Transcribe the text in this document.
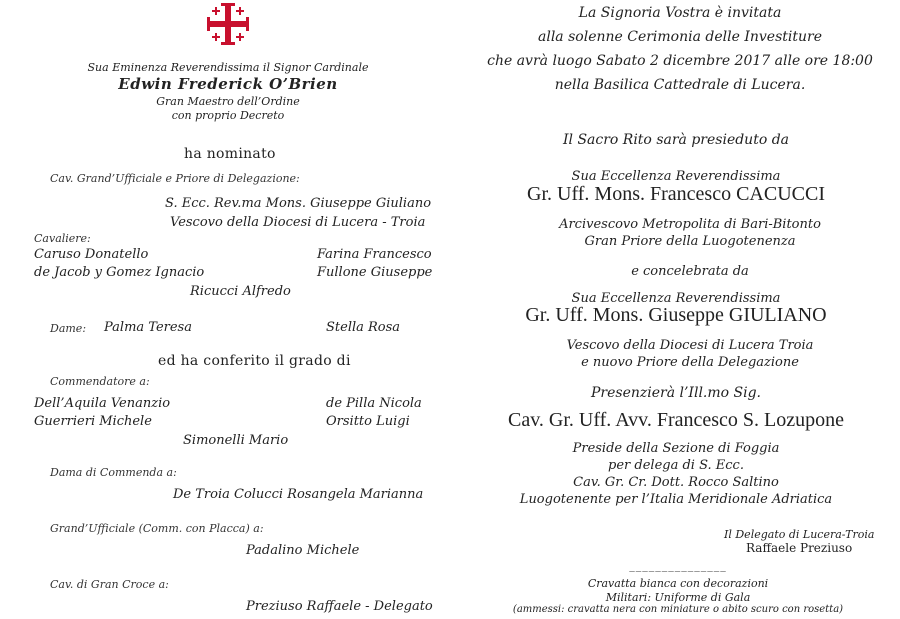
Sua Eminenza Reverendissima il Signor Cardinale
Edwin Frederick O’Brien
Gran Maestro dell’Ordine
con proprio Decreto
ha nominato
Cav. Grand’Ufficiale e Priore di Delegazione:
S. Ecc. Rev.ma Mons. Giuseppe Giuliano
Vescovo della Diocesi di Lucera - Troia
Cavaliere:
Caruso Donatello	Farina Francesco
de Jacob y Gomez Ignacio	Fullone Giuseppe
Ricucci Alfredo
Dame: Palma Teresa	Stella Rosa
ed ha conferito il grado di
Commendatore a:
Dell’Aquila Venanzio	de Pilla Nicola
Guerrieri Michele	Orsitto Luigi
Simonelli Mario
Dama di Commenda a:
De Troia Colucci Rosangela Marianna
Grand’Ufficiale (Comm. con Placca) a:
Padalino Michele
Cav. di Gran Croce a:
Preziuso Raffaele - Delegato
La Signoria Vostra è invitata
alla solenne Cerimonia delle Investiture
che avrà luogo Sabato 2 dicembre 2017 alle ore 18:00
nella Basilica Cattedrale di Lucera.
Il Sacro Rito sarà presieduto da
Sua Eccellenza Reverendissima
Gr. Uff. Mons. Francesco CACUCCI
Arcivescovo Metropolita di Bari-Bitonto
Gran Priore della Luogotenenza
e concelebrata da
Sua Eccellenza Reverendissima
Gr. Uff. Mons. Giuseppe GIULIANO
Vescovo della Diocesi di Lucera Troia
e nuovo Priore della Delegazione
Presenzierà l’Ill.mo Sig.
Cav. Gr. Uff. Avv. Francesco S. Lozupone
Preside della Sezione di Foggia
per delega di S. Ecc.
Cav. Gr. Cr. Dott. Rocco Saltino
Luogotenente per l’Italia Meridionale Adriatica
Il Delegato di Lucera-Troia
Raffaele Preziuso
_______________
Cravatta bianca con decorazioni
Militari: Uniforme di Gala
(ammessi: cravatta nera con miniature o abito scuro con rosetta)
